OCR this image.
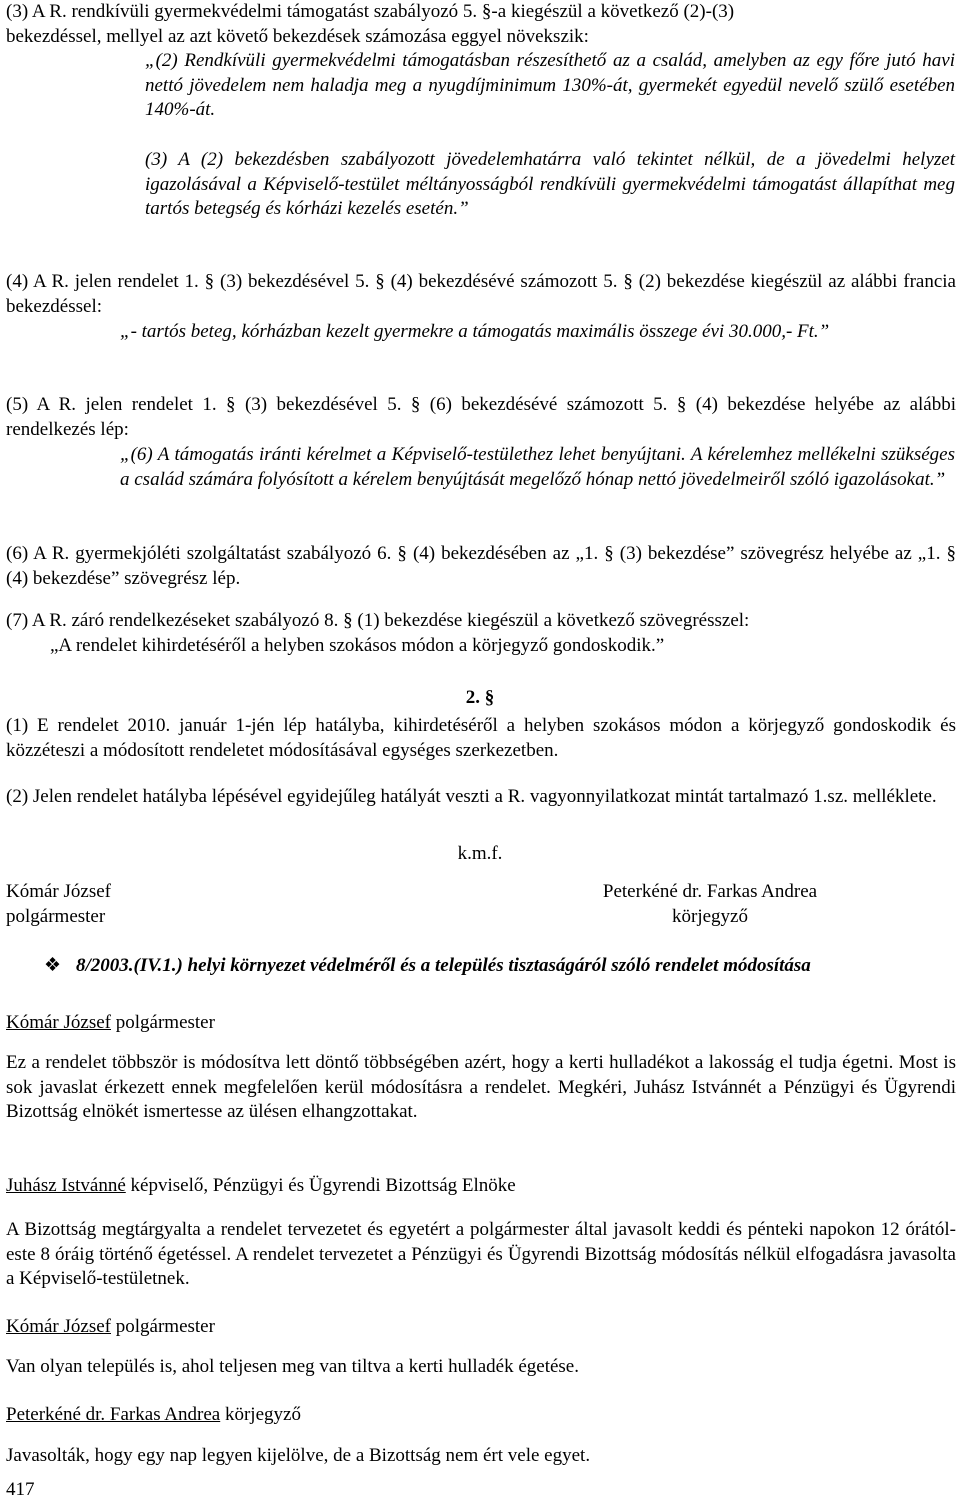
(3) A R. rendkívüli gyermekvédelmi támogatást szabályozó 5. §-a kiegészül a következő (2)-(3)
bekezdéssel, mellyel az azt követő bekezdések számozása eggyel növekszik:
„(2) Rendkívüli gyermekvédelmi támogatásban részesíthető az a család, amelyben az egy főre jutó havi nettó jövedelem nem haladja meg a nyugdíjminimum 130%-át, gyermekét egyedül nevelő szülő esetében 140%-át.
(3) A (2) bekezdésben szabályozott jövedelemhatárra való tekintet nélkül, de a jövedelmi helyzet igazolásával a Képviselő-testület méltányosságból rendkívüli gyermekvédelmi támogatást állapíthat meg tartós betegség és kórházi kezelés esetén.”
(4) A R. jelen rendelet 1. § (3) bekezdésével 5. § (4) bekezdésévé számozott 5. § (2) bekezdése kiegészül az alábbi francia bekezdéssel:
„- tartós beteg, kórházban kezelt gyermekre a támogatás maximális összege évi 30.000,- Ft.”
(5) A R. jelen rendelet 1. § (3) bekezdésével 5. § (6) bekezdésévé számozott 5. § (4) bekezdése helyébe az alábbi rendelkezés lép:
„(6) A támogatás iránti kérelmet a Képviselő-testülethez lehet benyújtani. A kérelemhez mellékelni szükséges a család számára folyósított a kérelem benyújtását megelőző hónap nettó jövedelmeiről szóló igazolásokat.”
(6) A R. gyermekjóléti szolgáltatást szabályozó 6. § (4) bekezdésében az „1. § (3) bekezdése” szövegrész helyébe az „1. § (4) bekezdése” szövegrész lép.
(7) A R. záró rendelkezéseket szabályozó 8. § (1) bekezdése kiegészül a következő szövegrésszel:
„A rendelet kihirdetéséről a helyben szokásos módon a körjegyző gondoskodik.”
2. §
(1) E rendelet 2010. január 1-jén lép hatályba, kihirdetéséről a helyben szokásos módon a körjegyző gondoskodik és közzéteszi a módosított rendeletet módosításával egységes szerkezetben.
(2) Jelen rendelet hatályba lépésével egyidejűleg hatályát veszti a R. vagyonnyilatkozat mintát tartalmazó 1.sz. melléklete.
k.m.f.
Kómár József
polgármester
Peterkéné dr. Farkas Andrea
körjegyző
❖ 8/2003.(IV.1.) helyi környezet védelméről és a település tisztaságáról szóló rendelet módosítása
Kómár József polgármester
Ez a rendelet többször is módosítva lett döntő többségében azért, hogy a kerti hulladékot a lakosság el tudja égetni. Most is sok javaslat érkezett ennek megfelelően kerül módosításra a rendelet. Megkéri, Juhász Istvánnét a Pénzügyi és Ügyrendi Bizottság elnökét ismertesse az ülésen elhangzottakat.
Juhász Istvánné képviselő, Pénzügyi és Ügyrendi Bizottság Elnöke
A Bizottság megtárgyalta a rendelet tervezetet és egyetért a polgármester által javasolt keddi és pénteki napokon 12 órától- este 8 óráig történő égetéssel. A rendelet tervezetet a Pénzügyi és Ügyrendi Bizottság módosítás nélkül elfogadásra javasolta a Képviselő-testületnek.
Kómár József polgármester
Van olyan település is, ahol teljesen meg van tiltva a kerti hulladék égetése.
Peterkéné dr. Farkas Andrea körjegyző
Javasolták, hogy egy nap legyen kijelölve, de a Bizottság nem ért vele egyet.
417
